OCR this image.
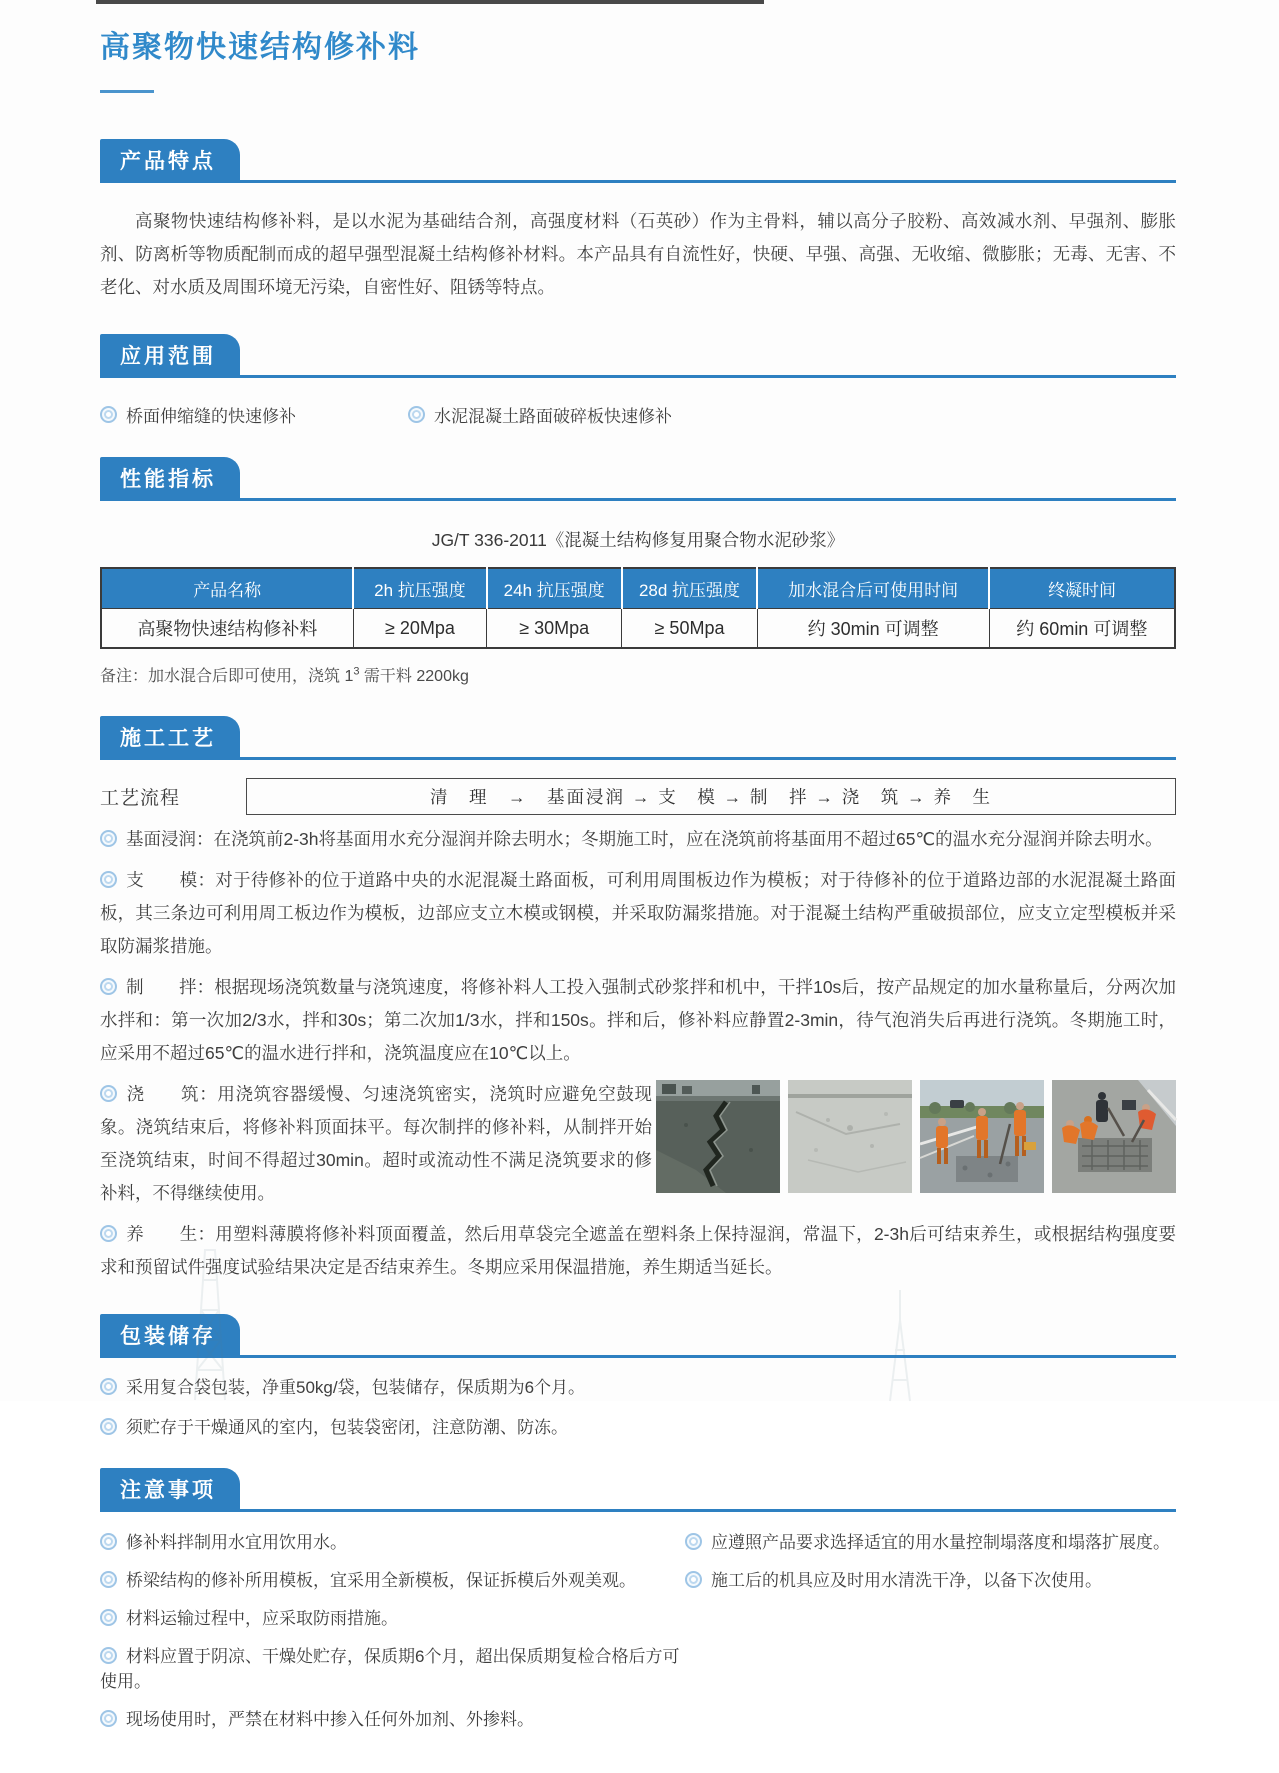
高聚物快速结构修补料
产品特点

高聚物快速结构修补料，是以水泥为基础结合剂，高强度材料（石英砂）作为主骨料，辅以高分子胶粉、高效减水剂、早强剂、膨胀剂、防离析等物质配制而成的超早强型混凝土结构修补材料。本产品具有自流性好，快硬、早强、高强、无收缩、微膨胀；无毒、无害、不老化、对水质及周围环境无污染，自密性好、阻锈等特点。

应用范围
桥面伸缩缝的快速修补	水泥混凝土路面破碎板快速修补
性能指标
JG/T 336-2011《混凝土结构修复用聚合物水泥砂浆》
产品名称	2h 抗压强度	24h 抗压强度	28d 抗压强度	加水混合后可使用时间	终凝时间
高聚物快速结构修补料	≥ 20Mpa	≥ 30Mpa	≥ 50Mpa	约 30min 可调整	约 60min 可调整
备注：加水混合后即可使用，浇筑 $1^3$ 需干料 2200kg
施工工艺
工艺流程	清　理　→　基面浸润 → 支　模 → 制　拌 → 浇　筑 → 养　生

基面浸润：在浇筑前2-3h将基面用水充分湿润并除去明水；冬期施工时，应在浇筑前将基面用不超过65℃的温水充分湿润并除去明水。

支　　模：对于待修补的位于道路中央的水泥混凝土路面板，可利用周围板边作为模板；对于待修补的位于道路边部的水泥混凝土路面板，其三条边可利用周工板边作为模板，边部应支立木模或钢模，并采取防漏浆措施。对于混凝土结构严重破损部位，应支立定型模板并采取防漏浆措施。

制　　拌：根据现场浇筑数量与浇筑速度，将修补料人工投入强制式砂浆拌和机中，干拌10s后，按产品规定的加水量称量后，分两次加水拌和：第一次加2/3水，拌和30s；第二次加1/3水，拌和150s。拌和后，修补料应静置2-3min，待气泡消失后再进行浇筑。冬期施工时，应采用不超过65℃的温水进行拌和，浇筑温度应在10℃以上。

浇　　筑：用浇筑容器缓慢、匀速浇筑密实，浇筑时应避免空鼓现象。浇筑结束后，将修补料顶面抹平。每次制拌的修补料，从制拌开始至浇筑结束，时间不得超过30min。超时或流动性不满足浇筑要求的修补料，不得继续使用。

养　　生：用塑料薄膜将修补料顶面覆盖，然后用草袋完全遮盖在塑料条上保持湿润，常温下，2-3h后可结束养生，或根据结构强度要求和预留试件强度试验结果决定是否结束养生。冬期应采用保温措施，养生期适当延长。

包装储存
采用复合袋包装，净重50kg/袋，包装储存，保质期为6个月。
须贮存于干燥通风的室内，包装袋密闭，注意防潮、防冻。
注意事项
修补料拌制用水宜用饮用水。
桥梁结构的修补所用模板，宜采用全新模板，保证拆模后外观美观。
材料运输过程中，应采取防雨措施。
材料应置于阴凉、干燥处贮存，保质期6个月，超出保质期复检合格后方可使用。
现场使用时，严禁在材料中掺入任何外加剂、外掺料。
应遵照产品要求选择适宜的用水量控制塌落度和塌落扩展度。
施工后的机具应及时用水清洗干净，以备下次使用。
